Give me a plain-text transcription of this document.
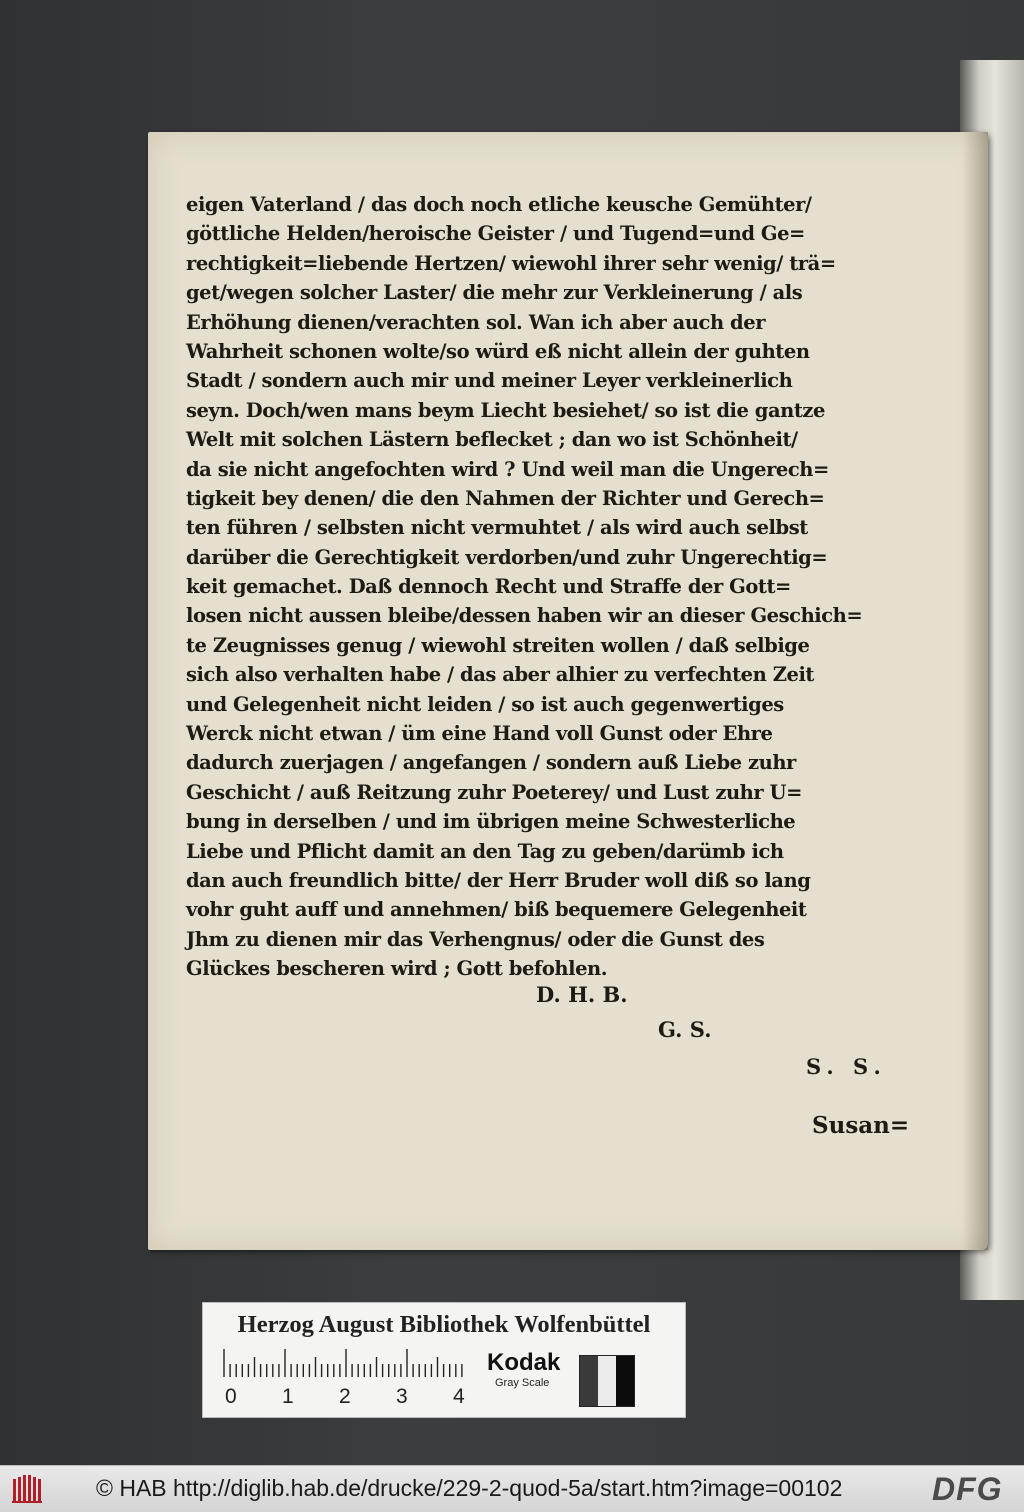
eigen Vaterland / das doch noch etliche keusche Gemühter/
göttliche Helden/heroische Geister / und Tugend=und Ge=
rechtigkeit=liebende Hertzen/ wiewohl ihrer sehr wenig/ trä=
get/wegen solcher Laster/ die mehr zur Verkleinerung / als
Erhöhung dienen/verachten sol. Wan ich aber auch der
Wahrheit schonen wolte/so würd eß nicht allein der guhten
Stadt / sondern auch mir und meiner Leyer verkleinerlich
seyn. Doch/wen mans beym Liecht besiehet/ so ist die gantze
Welt mit solchen Lästern beflecket ; dan wo ist Schönheit/
da sie nicht angefochten wird ? Und weil man die Ungerech=
tigkeit bey denen/ die den Nahmen der Richter und Gerech=
ten führen / selbsten nicht vermuhtet / als wird auch selbst
darüber die Gerechtigkeit verdorben/und zuhr Ungerechtig=
keit gemachet. Daß dennoch Recht und Straffe der Gott=
losen nicht aussen bleibe/dessen haben wir an dieser Geschich=
te Zeugnisses genug / wiewohl streiten wollen / daß selbige
sich also verhalten habe / das aber alhier zu verfechten Zeit
und Gelegenheit nicht leiden / so ist auch gegenwertiges
Werck nicht etwan / üm eine Hand voll Gunst oder Ehre
dadurch zuerjagen / angefangen / sondern auß Liebe zuhr
Geschicht / auß Reitzung zuhr Poeterey/ und Lust zuhr U=
bung in derselben / und im übrigen meine Schwesterliche
Liebe und Pflicht damit an den Tag zu geben/darümb ich
dan auch freundlich bitte/ der Herr Bruder woll diß so lang
vohr guht auff und annehmen/ biß bequemere Gelegenheit
Jhm zu dienen mir das Verhengnus/ oder die Gunst des
Glückes bescheren wird ; Gott befohlen.
D. H. B.
G. S.
S. S.
Susan=
Herzog August Bibliothek Wolfenbüttel
0 1 2 3 4
Kodak
Gray Scale
© HAB http://diglib.hab.de/drucke/229-2-quod-5a/start.htm?image=00102	DFG
